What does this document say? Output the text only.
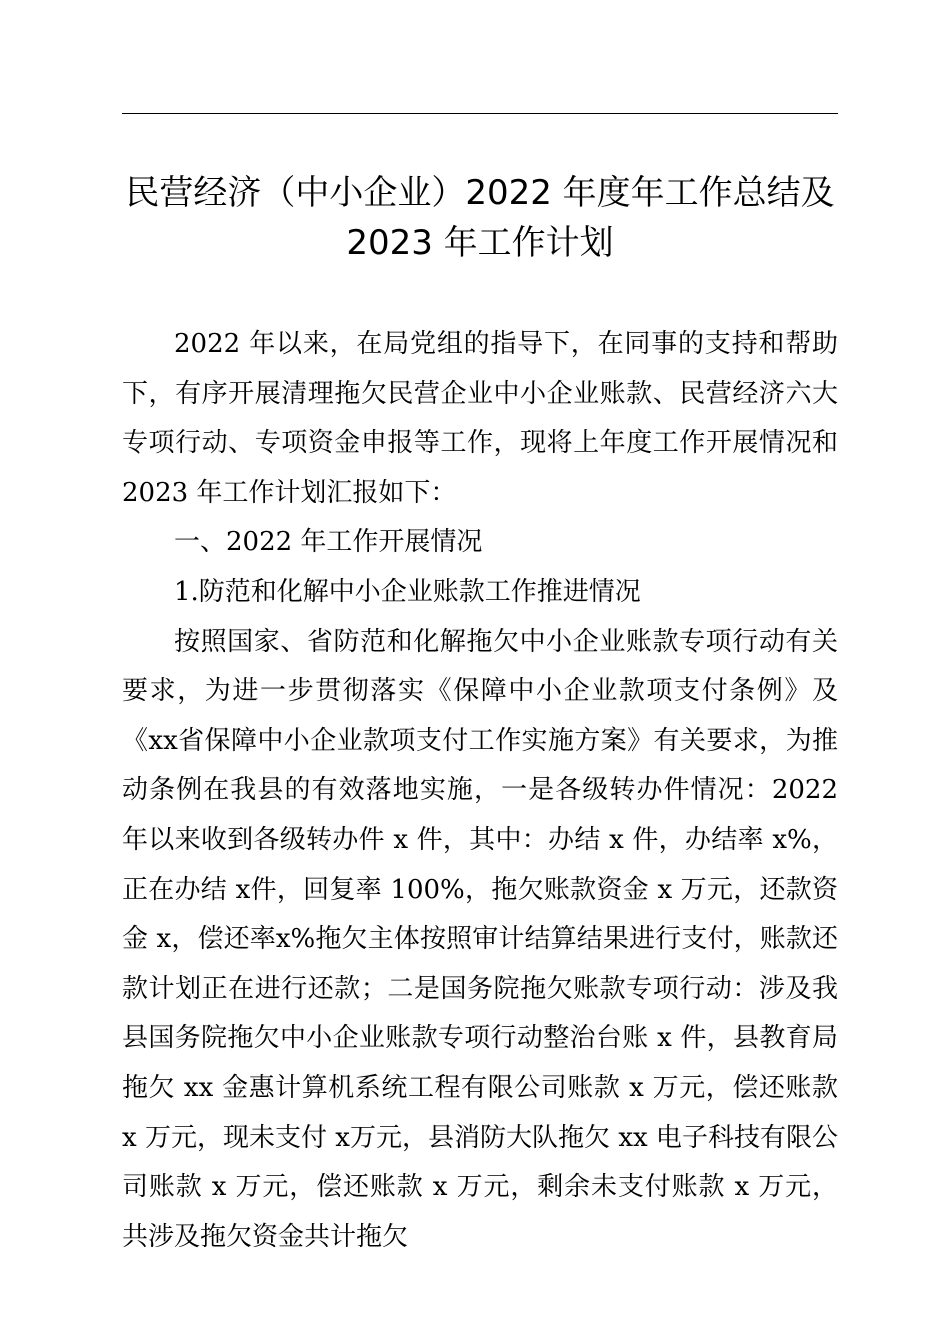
民营经济（中小企业）2022 年度年工作总结及
2023 年工作计划

2022 年以来，在局党组的指导下，在同事的支持和帮助下，有序开展清理拖欠民营企业中小企业账款、民营经济六大专项行动、专项资金申报等工作，现将上年度工作开展情况和 2023 年工作计划汇报如下：

一、2022 年工作开展情况

1.防范和化解中小企业账款工作推进情况

按照国家、省防范和化解拖欠中小企业账款专项行动有关要求，为进一步贯彻落实《保障中小企业款项支付条例》及《xx省保障中小企业款项支付工作实施方案》有关要求，为推动条例在我县的有效落地实施，一是各级转办件情况：2022 年以来收到各级转办件 x 件，其中：办结 x 件，办结率 x%，正在办结 x件，回复率 100%，拖欠账款资金 x 万元，还款资金 x，偿还率x%拖欠主体按照审计结算结果进行支付，账款还款计划正在进行还款；二是国务院拖欠账款专项行动：涉及我县国务院拖欠中小企业账款专项行动整治台账 x 件，县教育局拖欠 xx 金惠计算机系统工程有限公司账款 x 万元，偿还账款 x 万元，现未支付 x万元，县消防大队拖欠 xx 电子科技有限公司账款 x 万元，偿还账款 x 万元，剩余未支付账款 x 万元，共涉及拖欠资金共计拖欠
